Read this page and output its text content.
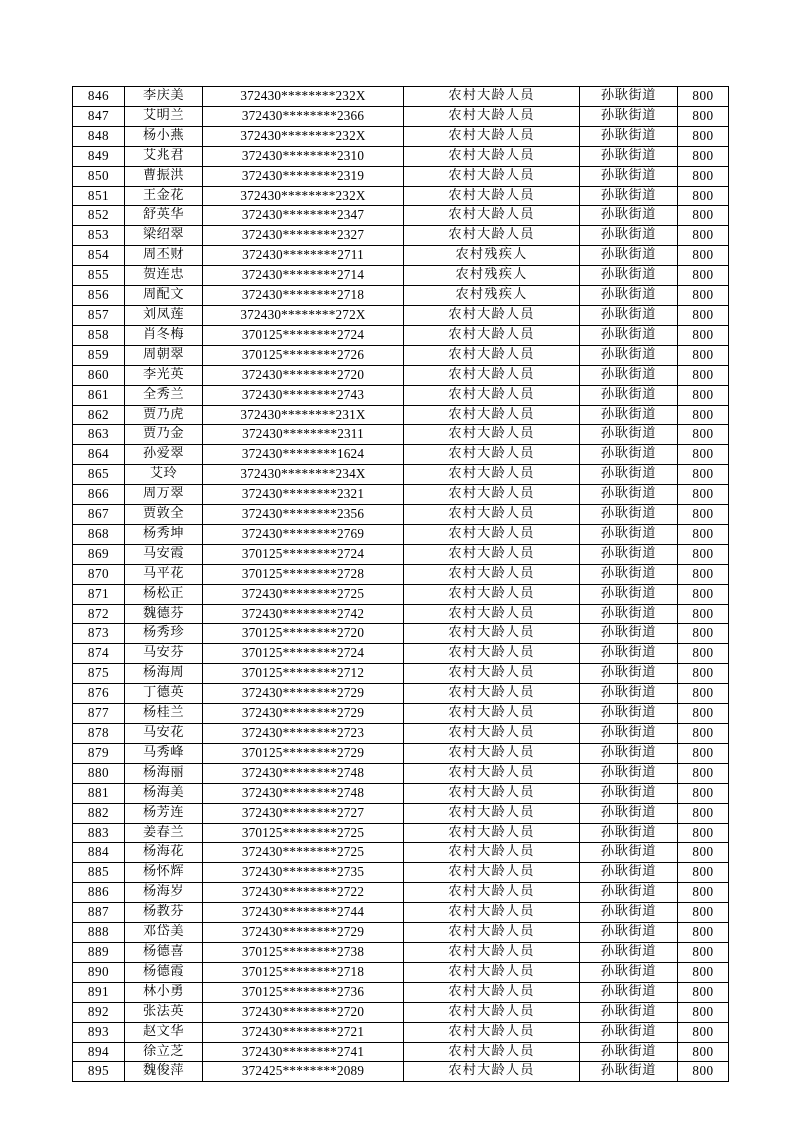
846	李庆美	372430********232X	农村大龄人员	孙耿街道	800
847	艾明兰	372430********2366	农村大龄人员	孙耿街道	800
848	杨小燕	372430********232X	农村大龄人员	孙耿街道	800
849	艾兆君	372430********2310	农村大龄人员	孙耿街道	800
850	曹振洪	372430********2319	农村大龄人员	孙耿街道	800
851	王金花	372430********232X	农村大龄人员	孙耿街道	800
852	舒英华	372430********2347	农村大龄人员	孙耿街道	800
853	梁绍翠	372430********2327	农村大龄人员	孙耿街道	800
854	周丕财	372430********2711	农村残疾人	孙耿街道	800
855	贺连忠	372430********2714	农村残疾人	孙耿街道	800
856	周配文	372430********2718	农村残疾人	孙耿街道	800
857	刘凤莲	372430********272X	农村大龄人员	孙耿街道	800
858	肖冬梅	370125********2724	农村大龄人员	孙耿街道	800
859	周朝翠	370125********2726	农村大龄人员	孙耿街道	800
860	李光英	372430********2720	农村大龄人员	孙耿街道	800
861	全秀兰	372430********2743	农村大龄人员	孙耿街道	800
862	贾乃虎	372430********231X	农村大龄人员	孙耿街道	800
863	贾乃金	372430********2311	农村大龄人员	孙耿街道	800
864	孙爱翠	372430********1624	农村大龄人员	孙耿街道	800
865	艾玲	372430********234X	农村大龄人员	孙耿街道	800
866	周万翠	372430********2321	农村大龄人员	孙耿街道	800
867	贾敦全	372430********2356	农村大龄人员	孙耿街道	800
868	杨秀坤	372430********2769	农村大龄人员	孙耿街道	800
869	马安霞	370125********2724	农村大龄人员	孙耿街道	800
870	马平花	370125********2728	农村大龄人员	孙耿街道	800
871	杨松正	372430********2725	农村大龄人员	孙耿街道	800
872	魏德芬	372430********2742	农村大龄人员	孙耿街道	800
873	杨秀珍	370125********2720	农村大龄人员	孙耿街道	800
874	马安芬	370125********2724	农村大龄人员	孙耿街道	800
875	杨海周	370125********2712	农村大龄人员	孙耿街道	800
876	丁德英	372430********2729	农村大龄人员	孙耿街道	800
877	杨桂兰	372430********2729	农村大龄人员	孙耿街道	800
878	马安花	372430********2723	农村大龄人员	孙耿街道	800
879	马秀峰	370125********2729	农村大龄人员	孙耿街道	800
880	杨海丽	372430********2748	农村大龄人员	孙耿街道	800
881	杨海美	372430********2748	农村大龄人员	孙耿街道	800
882	杨芳连	372430********2727	农村大龄人员	孙耿街道	800
883	姜春兰	370125********2725	农村大龄人员	孙耿街道	800
884	杨海花	372430********2725	农村大龄人员	孙耿街道	800
885	杨怀辉	372430********2735	农村大龄人员	孙耿街道	800
886	杨海岁	372430********2722	农村大龄人员	孙耿街道	800
887	杨教芬	372430********2744	农村大龄人员	孙耿街道	800
888	邓岱美	372430********2729	农村大龄人员	孙耿街道	800
889	杨德喜	370125********2738	农村大龄人员	孙耿街道	800
890	杨德霞	370125********2718	农村大龄人员	孙耿街道	800
891	林小勇	370125********2736	农村大龄人员	孙耿街道	800
892	张法英	372430********2720	农村大龄人员	孙耿街道	800
893	赵文华	372430********2721	农村大龄人员	孙耿街道	800
894	徐立芝	372430********2741	农村大龄人员	孙耿街道	800
895	魏俊萍	372425********2089	农村大龄人员	孙耿街道	800
